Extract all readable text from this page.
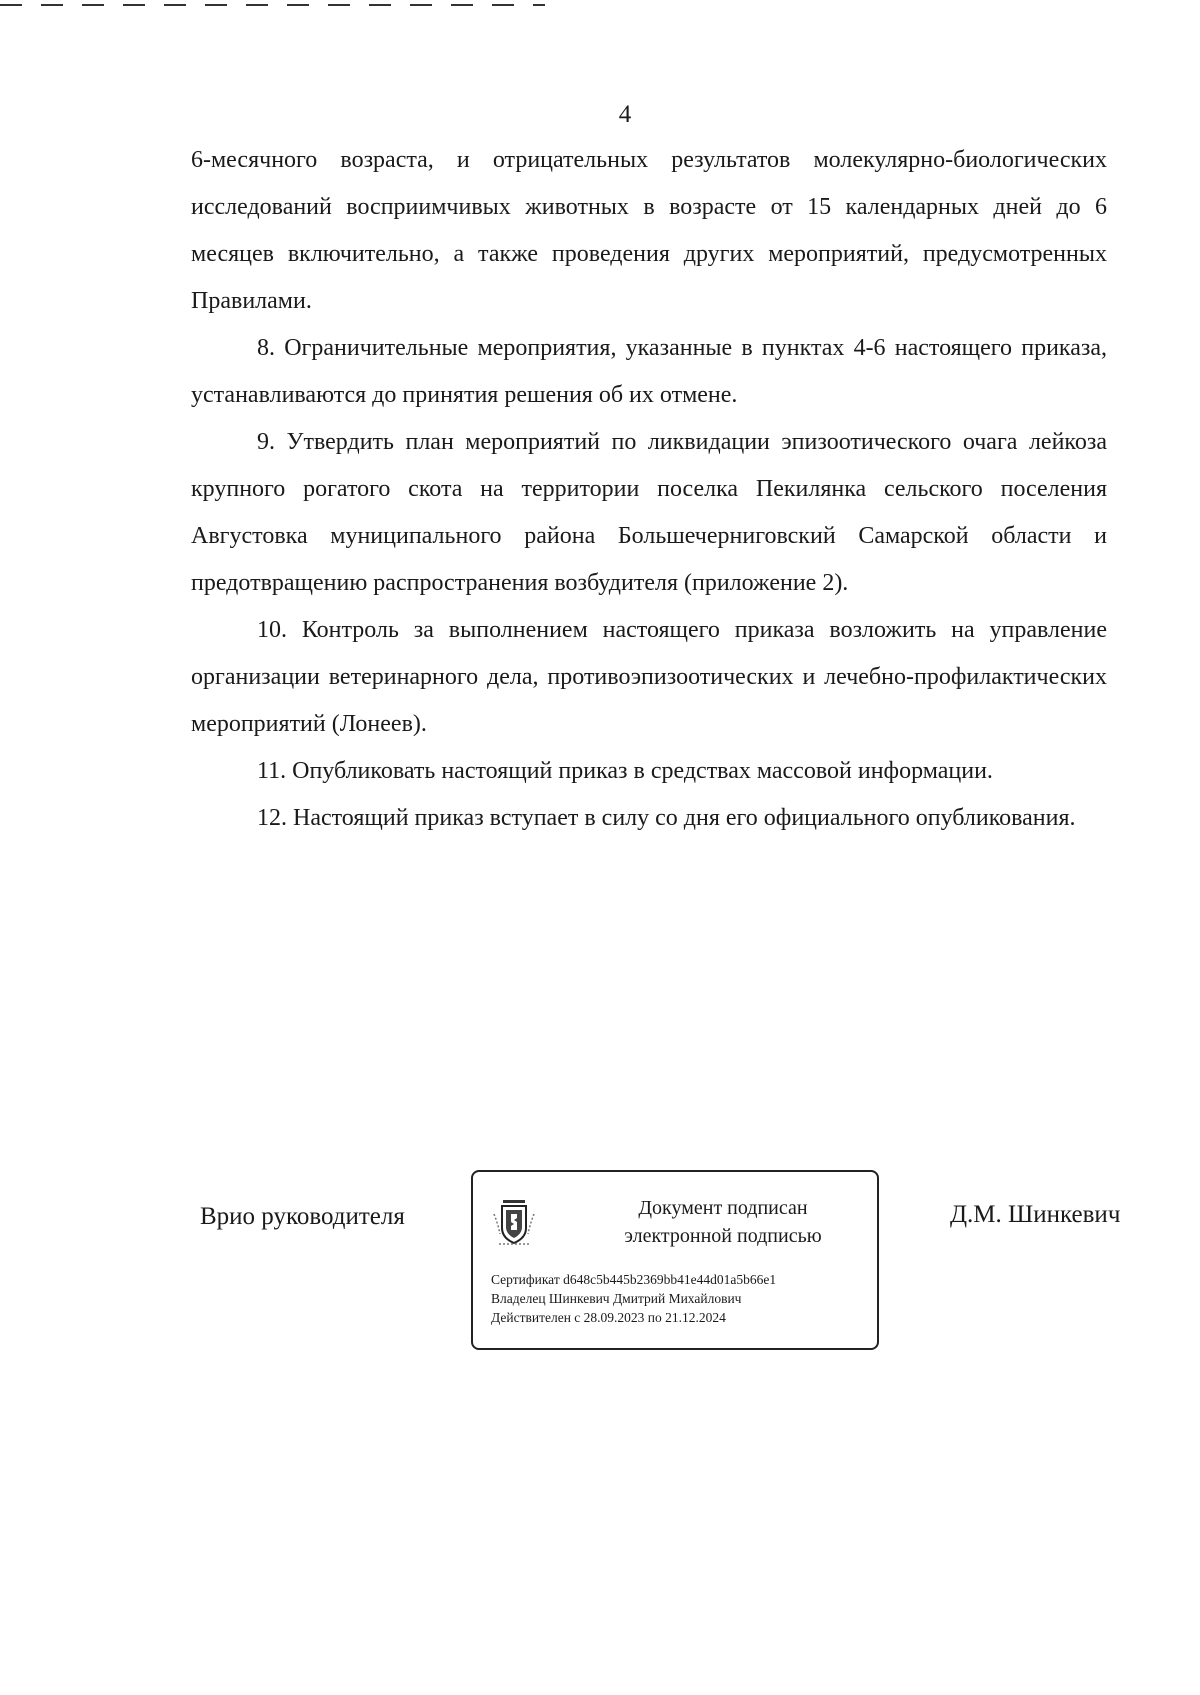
4

6-месячного возраста, и отрицательных результатов молекулярно-биологических исследований восприимчивых животных в возрасте от 15 календарных дней до 6 месяцев включительно, а также проведения других мероприятий, предусмотренных Правилами.

8. Ограничительные мероприятия, указанные в пунктах 4-6 настоящего приказа, устанавливаются до принятия решения об их отмене.

9. Утвердить план мероприятий по ликвидации эпизоотического очага лейкоза крупного рогатого скота на территории поселка Пекилянка сельского поселения Августовка муниципального района Большечерниговский Самарской области и предотвращению распространения возбудителя (приложение 2).

10. Контроль за выполнением настоящего приказа возложить на управление организации ветеринарного дела, противоэпизоотических и лечебно-профилактических мероприятий (Лонеев).

11. Опубликовать настоящий приказ в средствах массовой информации.

12. Настоящий приказ вступает в силу со дня его официального опубликования.

Врио руководителя	Документ подписан
электронной подписью
Сертификат d648c5b445b2369bb41e44d01a5b66e1
Владелец Шинкевич Дмитрий Михайлович
Действителен с 28.09.2023 по 21.12.2024
Д.М. Шинкевич
